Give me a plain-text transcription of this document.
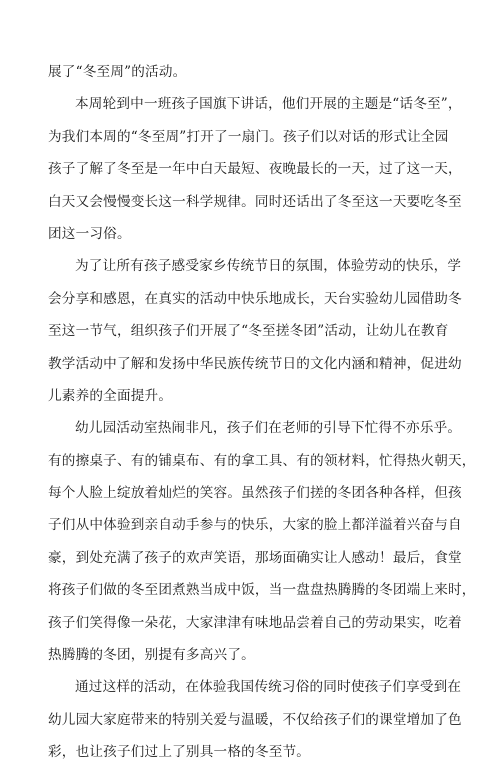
展了“冬至周”的活动。
本周轮到中一班孩子国旗下讲话，他们开展的主题是“话冬至”，
为我们本周的“冬至周”打开了一扇门。孩子们以对话的形式让全园
孩子了解了冬至是一年中白天最短、夜晚最长的一天，过了这一天，
白天又会慢慢变长这一科学规律。同时还话出了冬至这一天要吃冬至
团这一习俗。
为了让所有孩子感受家乡传统节日的氛围，体验劳动的快乐，学
会分享和感恩，在真实的活动中快乐地成长，天台实验幼儿园借助冬
至这一节气，组织孩子们开展了“冬至搓冬团”活动，让幼儿在教育
教学活动中了解和发扬中华民族传统节日的文化内涵和精神，促进幼
儿素养的全面提升。
幼儿园活动室热闹非凡，孩子们在老师的引导下忙得不亦乐乎。
有的擦桌子、有的铺桌布、有的拿工具、有的领材料，忙得热火朝天，
每个人脸上绽放着灿烂的笑容。虽然孩子们搓的冬团各种各样，但孩
子们从中体验到亲自动手参与的快乐，大家的脸上都洋溢着兴奋与自
豪，到处充满了孩子的欢声笑语，那场面确实让人感动！最后，食堂
将孩子们做的冬至团煮熟当成中饭，当一盘盘热腾腾的冬团端上来时，
孩子们笑得像一朵花，大家津津有味地品尝着自己的劳动果实，吃着
热腾腾的冬团，别提有多高兴了。
通过这样的活动，在体验我国传统习俗的同时使孩子们享受到在
幼儿园大家庭带来的特别关爱与温暖，不仅给孩子们的课堂增加了色
彩，也让孩子们过上了别具一格的冬至节。
